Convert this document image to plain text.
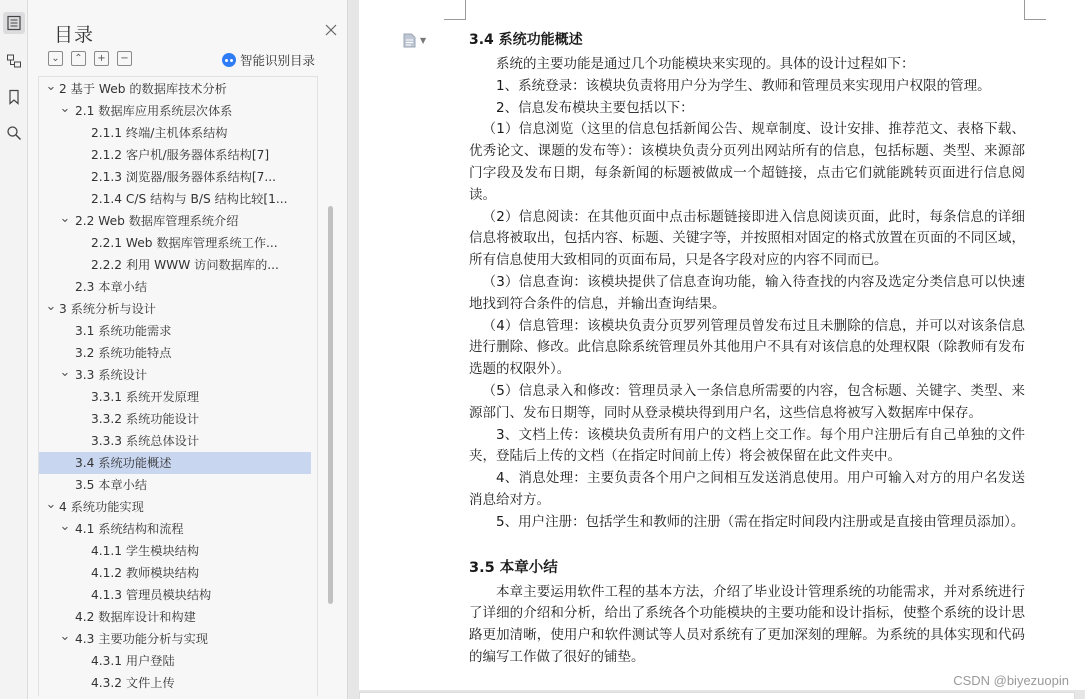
目录
⌄	⌃	+	−	智能识别目录
⌄ 2 基于 Web 的数据库技术分析
⌄ 2.1 数据库应用系统层次体系
2.1.1 终端/主机体系结构
2.1.2 客户机/服务器体系结构[7]
2.1.3 浏览器/服务器体系结构[7...
2.1.4 C/S 结构与 B/S 结构比较[1...
⌄ 2.2 Web 数据库管理系统介绍
2.2.1 Web 数据库管理系统工作...
2.2.2 利用 WWW 访问数据库的...
2.3 本章小结
⌄ 3 系统分析与设计
3.1 系统功能需求
3.2 系统功能特点
⌄ 3.3 系统设计
3.3.1 系统开发原理
3.3.2 系统功能设计
3.3.3 系统总体设计
3.4 系统功能概述
3.5 本章小结
⌄ 4 系统功能实现
⌄ 4.1 系统结构和流程
4.1.1 学生模块结构
4.1.2 教师模块结构
4.1.3 管理员模块结构
4.2 数据库设计和构建
⌄ 4.3 主要功能分析与实现
4.3.1 用户登陆
4.3.2 文件上传
▼	3.4 系统功能概述
系统的主要功能是通过几个功能模块来实现的。具体的设计过程如下：
1、系统登录：该模块负责将用户分为学生、教师和管理员来实现用户权限的管理。
2、信息发布模块主要包括以下：
（1）信息浏览（这里的信息包括新闻公告、规章制度、设计安排、推荐范文、表格下载、优秀论文、课题的发布等）：该模块负责分页列出网站所有的信息，包括标题、类型、来源部门字段及发布日期，每条新闻的标题被做成一个超链接，点击它们就能跳转页面进行信息阅读。
（2）信息阅读：在其他页面中点击标题链接即进入信息阅读页面，此时，每条信息的详细信息将被取出，包括内容、标题、关键字等，并按照相对固定的格式放置在页面的不同区域，所有信息使用大致相同的页面布局，只是各字段对应的内容不同而已。
（3）信息查询：该模块提供了信息查询功能，输入待查找的内容及选定分类信息可以快速地找到符合条件的信息，并输出查询结果。
（4）信息管理：该模块负责分页罗列管理员曾发布过且未删除的信息，并可以对该条信息进行删除、修改。此信息除系统管理员外其他用户不具有对该信息的处理权限（除教师有发布选题的权限外）。
（5）信息录入和修改：管理员录入一条信息所需要的内容，包含标题、关键字、类型、来源部门、发布日期等，同时从登录模块得到用户名，这些信息将被写入数据库中保存。
3、文档上传：该模块负责所有用户的文档上交工作。每个用户注册后有自己单独的文件夹，登陆后上传的文档（在指定时间前上传）将会被保留在此文件夹中。
4、消息处理：主要负责各个用户之间相互发送消息使用。用户可输入对方的用户名发送消息给对方。
5、用户注册：包括学生和教师的注册（需在指定时间段内注册或是直接由管理员添加）。
3.5 本章小结
本章主要运用软件工程的基本方法，介绍了毕业设计管理系统的功能需求，并对系统进行了详细的介绍和分析，给出了系统各个功能模块的主要功能和设计指标，使整个系统的设计思路更加清晰，使用户和软件测试等人员对系统有了更加深刻的理解。为系统的具体实现和代码的编写工作做了很好的铺垫。
CSDN @biyezuopin
